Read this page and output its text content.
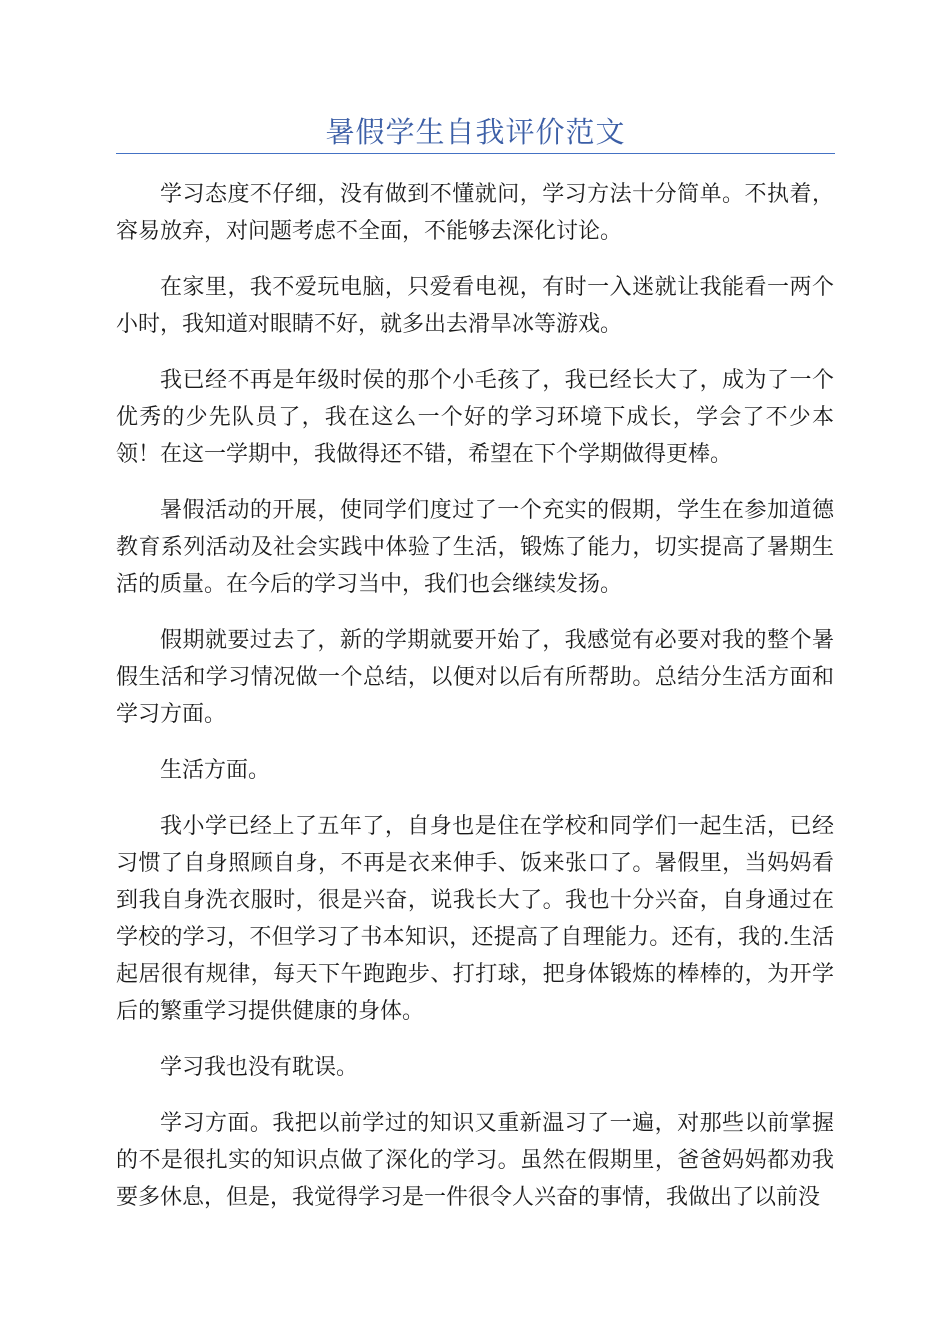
暑假学生自我评价范文

学习态度不仔细，没有做到不懂就问，学习方法十分简单。不执着，容易放弃，对问题考虑不全面，不能够去深化讨论。

在家里，我不爱玩电脑，只爱看电视，有时一入迷就让我能看一两个小时，我知道对眼睛不好，就多出去滑旱冰等游戏。

我已经不再是年级时侯的那个小毛孩了，我已经长大了，成为了一个优秀的少先队员了，我在这么一个好的学习环境下成长，学会了不少本领！在这一学期中，我做得还不错，希望在下个学期做得更棒。

暑假活动的开展，使同学们度过了一个充实的假期，学生在参加道德教育系列活动及社会实践中体验了生活，锻炼了能力，切实提高了暑期生活的质量。在今后的学习当中，我们也会继续发扬。

假期就要过去了，新的学期就要开始了，我感觉有必要对我的整个暑假生活和学习情况做一个总结，以便对以后有所帮助。总结分生活方面和学习方面。

生活方面。

我小学已经上了五年了，自身也是住在学校和同学们一起生活，已经习惯了自身照顾自身，不再是衣来伸手、饭来张口了。暑假里，当妈妈看到我自身洗衣服时，很是兴奋，说我长大了。我也十分兴奋，自身通过在学校的学习，不但学习了书本知识，还提高了自理能力。还有，我的.生活起居很有规律，每天下午跑跑步、打打球，把身体锻炼的棒棒的，为开学后的繁重学习提供健康的身体。

学习我也没有耽误。

学习方面。我把以前学过的知识又重新温习了一遍，对那些以前掌握的不是很扎实的知识点做了深化的学习。虽然在假期里，爸爸妈妈都劝我要多休息，但是，我觉得学习是一件很令人兴奋的事情，我做出了以前没
